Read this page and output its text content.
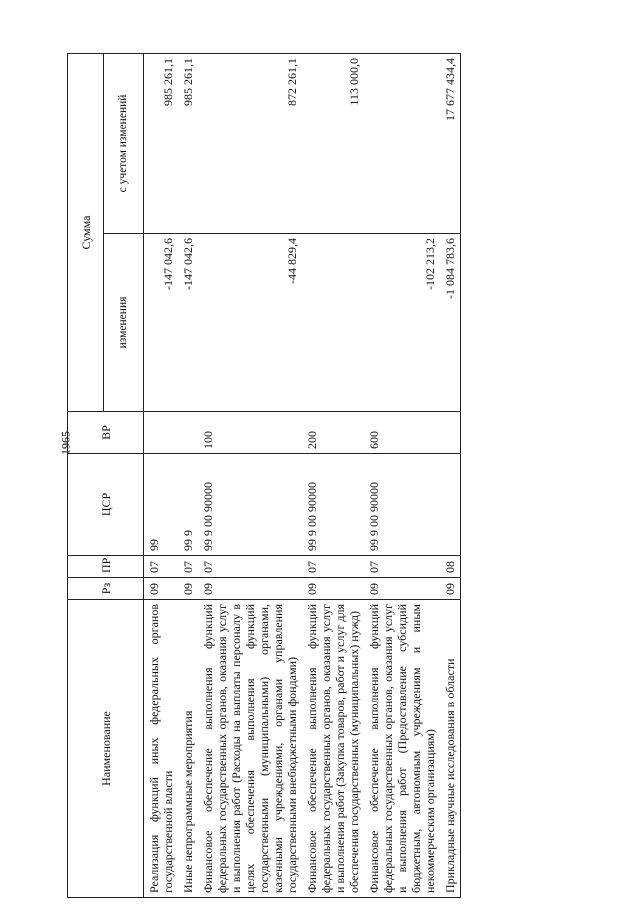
1965
Наименование	Рз	ПР	ЦСР	ВР	Сумма	
					изменения	с учетом изменений
Реализация функций иных федеральных органов государственной власти	09	07	99		-147 042,6	985 261,1
Иные непрограммные мероприятия	09	07	99 9		-147 042,6	985 261,1
Финансовое обеспечение выполнения функций федеральных государственных органов, оказания услуг и выполнения работ (Расходы на выплаты персоналу в целях обеспечения выполнения функций государственными (муниципальными) органами, казенными учреждениями, органами управления государственными внебюджетными фондами)	09	07	99 9 00 90000	100	-44 829,4	872 261,1
Финансовое обеспечение выполнения функций федеральных государственных органов, оказания услуг и выполнения работ (Закупка товаров, работ и услуг для обеспечения государственных (муниципальных) нужд)	09	07	99 9 00 90000	200		113 000,0
Финансовое обеспечение выполнения функций федеральных государственных органов, оказания услуг и выполнения работ (Предоставление субсидий бюджетным, автономным учреждениям и иным некоммерческим организациям)	09	07	99 9 00 90000	600	-102 213,2	
Прикладные научные исследования в области	09	08			-1 084 783,6	17 677 434,4
